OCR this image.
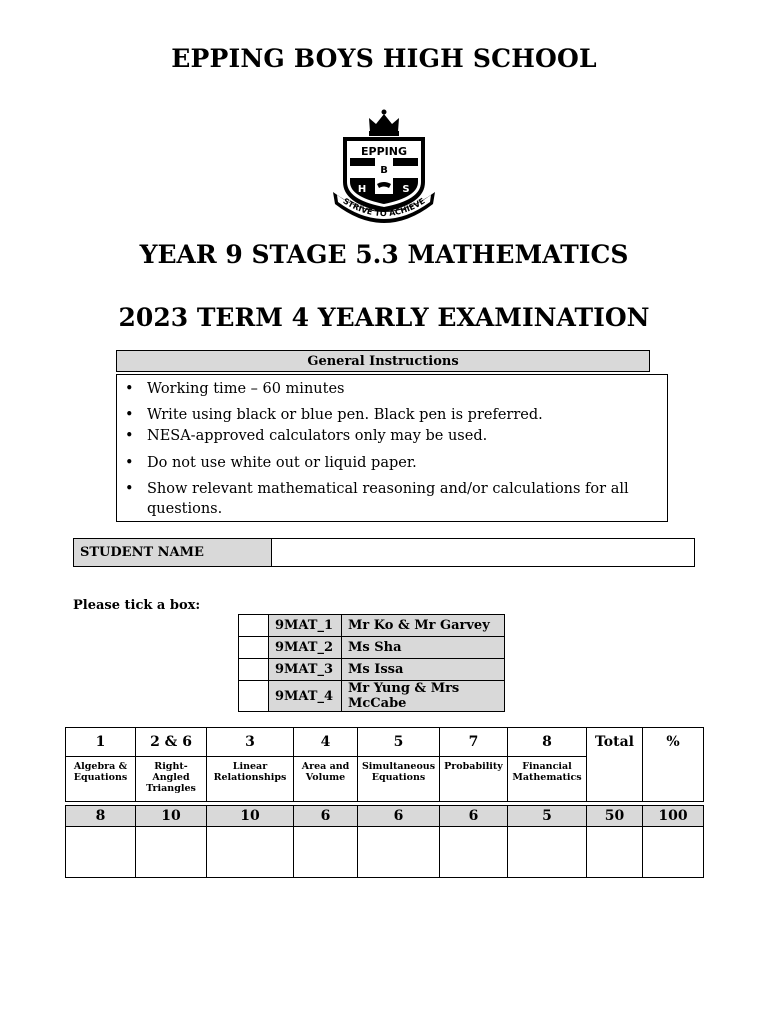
EPPING BOYS HIGH SCHOOL
EPPING
B
H	S
STRIVE TO ACHIEVE
YEAR 9 STAGE 5.3 MATHEMATICS
2023 TERM 4 YEARLY EXAMINATION
General Instructions
• Working time – 60 minutes
• Write using black or blue pen. Black pen is preferred.
• NESA-approved calculators only may be used.
• Do not use white out or liquid paper.
• Show relevant mathematical reasoning and/or calculations for all questions.
STUDENT NAME	
Please tick a box:
	9MAT_1	Mr Ko & Mr Garvey
	9MAT_2	Ms Sha
	9MAT_3	Ms Issa
	9MAT_4	Mr Yung & Mrs McCabe
1	2 & 6	3	4	5	7	8	Total	%
Algebra & Equations	Right-Angled Triangles	Linear Relationships	Area and Volume	Simultaneous Equations	Probability	Financial Mathematics		

8	10	10	6	6	6	5	50	100
